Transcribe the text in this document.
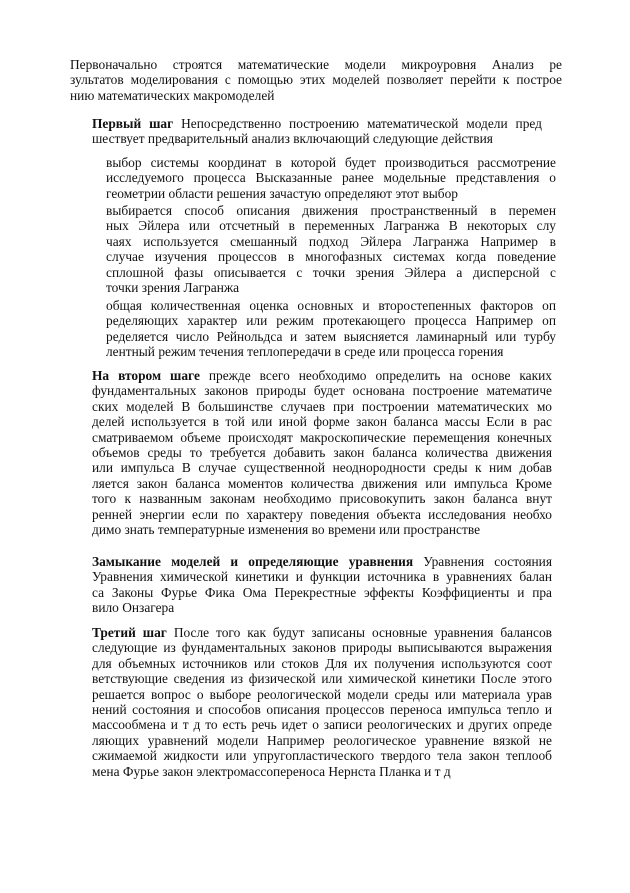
Первоначально строятся математические модели микроуровня Анализ ре
зультатов моделирования с помощью этих моделей позволяет перейти к построе
нию математических макромоделей
Первый шаг Непосредственно построению математической модели пред
шествует предварительный анализ включающий следующие действия
выбор системы координат в которой будет производиться рассмотрение
исследуемого процесса Высказанные ранее модельные представления о
геометрии области решения зачастую определяют этот выбор
выбирается способ описания движения пространственный в перемен
ных Эйлера или отсчетный в переменных Лагранжа В некоторых слу
чаях используется смешанный подход Эйлера Лагранжа Например в
случае изучения процессов в многофазных системах когда поведение
сплошной фазы описывается с точки зрения Эйлера а дисперсной с
точки зрения Лагранжа
общая количественная оценка основных и второстепенных факторов оп
ределяющих характер или режим протекающего процесса Например оп
ределяется число Рейнольдса и затем выясняется ламинарный или турбу
лентный режим течения теплопередачи в среде или процесса горения
На втором шаге прежде всего необходимо определить на основе каких
фундаментальных законов природы будет основана построение математиче
ских моделей В большинстве случаев при построении математических мо
делей используется в той или иной форме закон баланса массы Если в рас
сматриваемом объеме происходят макроскопические перемещения конечных
объемов среды то требуется добавить закон баланса количества движения
или импульса В случае существенной неоднородности среды к ним добав
ляется закон баланса моментов количества движения или импульса Кроме
того к названным законам необходимо присовокупить закон баланса внут
ренней энергии если по характеру поведения объекта исследования необхо
димо знать температурные изменения во времени или пространстве
Замыкание моделей и определяющие уравнения Уравнения состояния
Уравнения химической кинетики и функции источника в уравнениях балан
са Законы Фурье Фика Ома Перекрестные эффекты Коэффициенты и пра
вило Онзагера
Третий шаг После того как будут записаны основные уравнения балансов
следующие из фундаментальных законов природы выписываются выражения
для объемных источников или стоков Для их получения используются соот
ветствующие сведения из физической или химической кинетики После этого
решается вопрос о выборе реологической модели среды или материала урав
нений состояния и способов описания процессов переноса импульса тепло и
массообмена и т д то есть речь идет о записи реологических и других опреде
ляющих уравнений модели Например реологическое уравнение вязкой не
сжимаемой жидкости или упругопластического твердого тела закон теплооб
мена Фурье закон электромассопереноса Нернста Планка и т д
